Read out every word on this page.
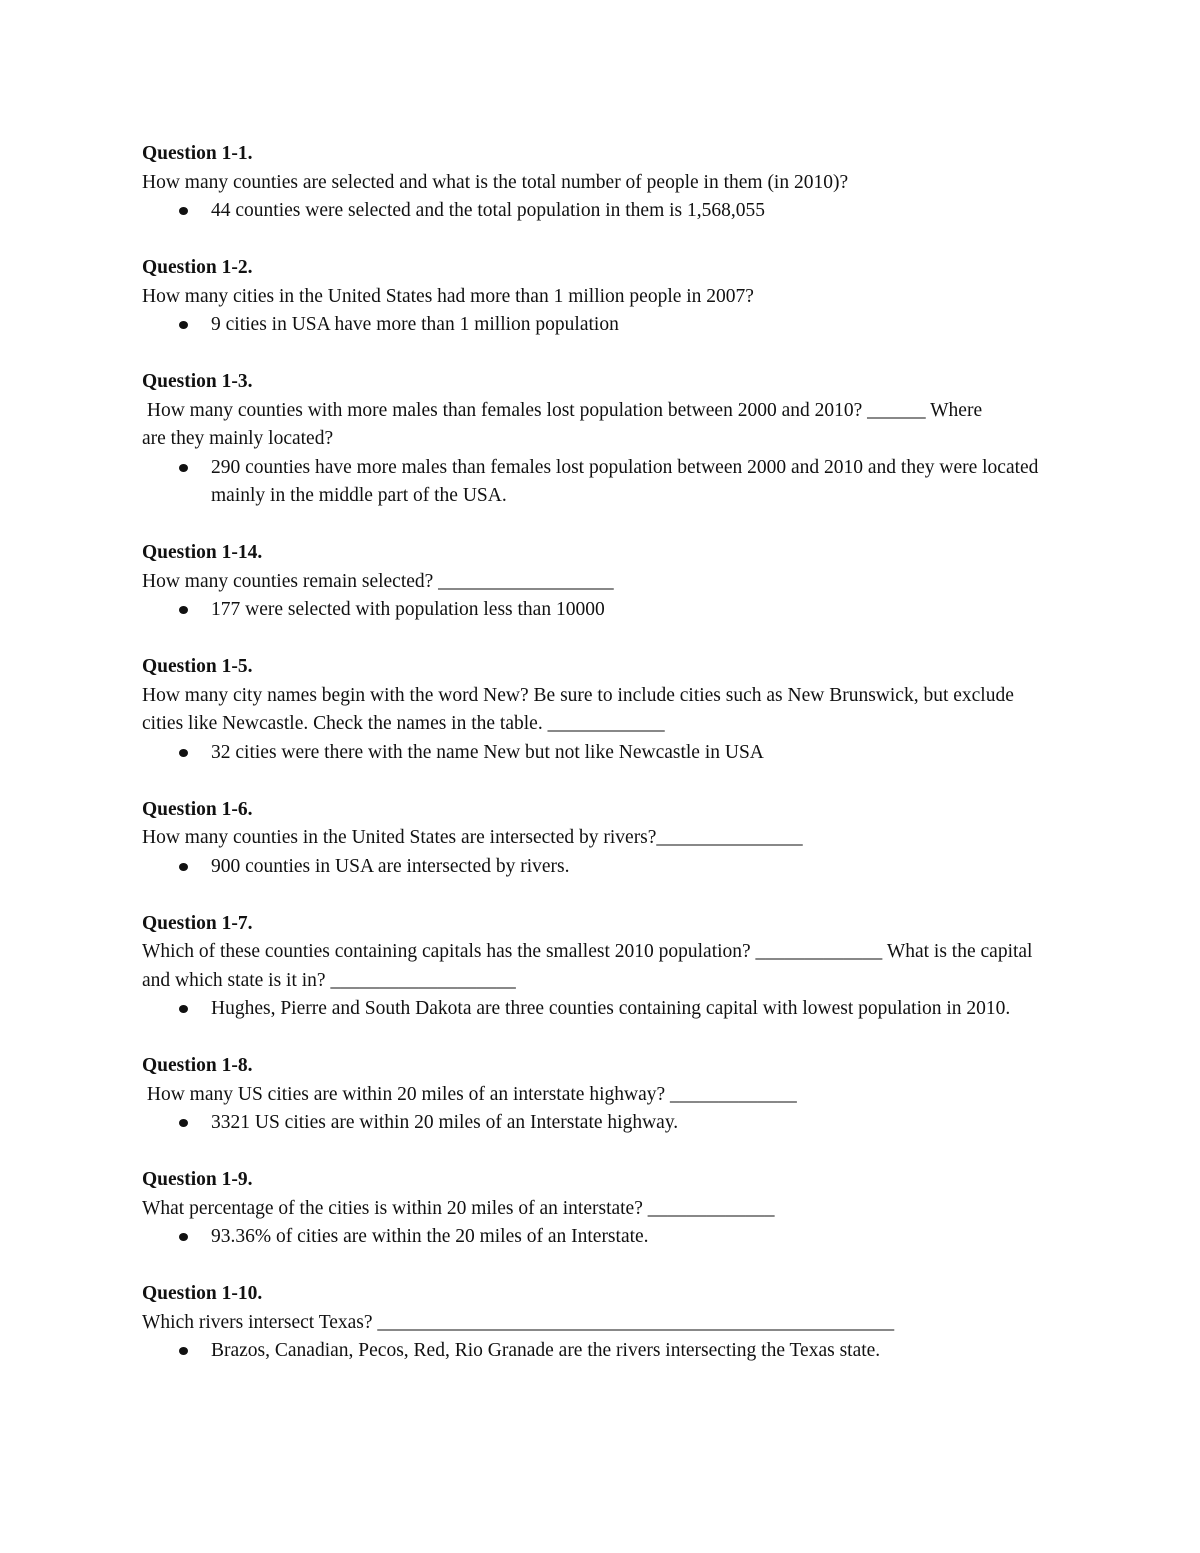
Question 1-1.
How many counties are selected and what is the total number of people in them (in 2010)?
44 counties were selected and the total population in them is 1,568,055
Question 1-2.
How many cities in the United States had more than 1 million people in 2007?
9 cities in USA have more than 1 million population
Question 1-3.
How many counties with more males than females lost population between 2000 and 2010? ______ Where are they mainly located?
290 counties have more males than females lost population between 2000 and 2010 and they were located mainly in the middle part of the USA.
Question 1-14.
How many counties remain selected? __________________
177 were selected with population less than 10000
Question 1-5.
How many city names begin with the word New? Be sure to include cities such as New Brunswick, but exclude cities like Newcastle. Check the names in the table. ____________
32 cities were there with the name New but not like Newcastle in USA
Question 1-6.
How many counties in the United States are intersected by rivers?_______________
900 counties in USA are intersected by rivers.
Question 1-7.
Which of these counties containing capitals has the smallest 2010 population? _____________ What is the capital and which state is it in? ___________________
Hughes, Pierre and South Dakota are three counties containing capital with lowest population in 2010.
Question 1-8.
How many US cities are within 20 miles of an interstate highway? _____________
3321 US cities are within 20 miles of an Interstate highway.
Question 1-9.
What percentage of the cities is within 20 miles of an interstate? _____________
93.36% of cities are within the 20 miles of an Interstate.
Question 1-10.
Which rivers intersect Texas? _____________________________________________________
Brazos, Canadian, Pecos, Red, Rio Granade are the rivers intersecting the Texas state.
